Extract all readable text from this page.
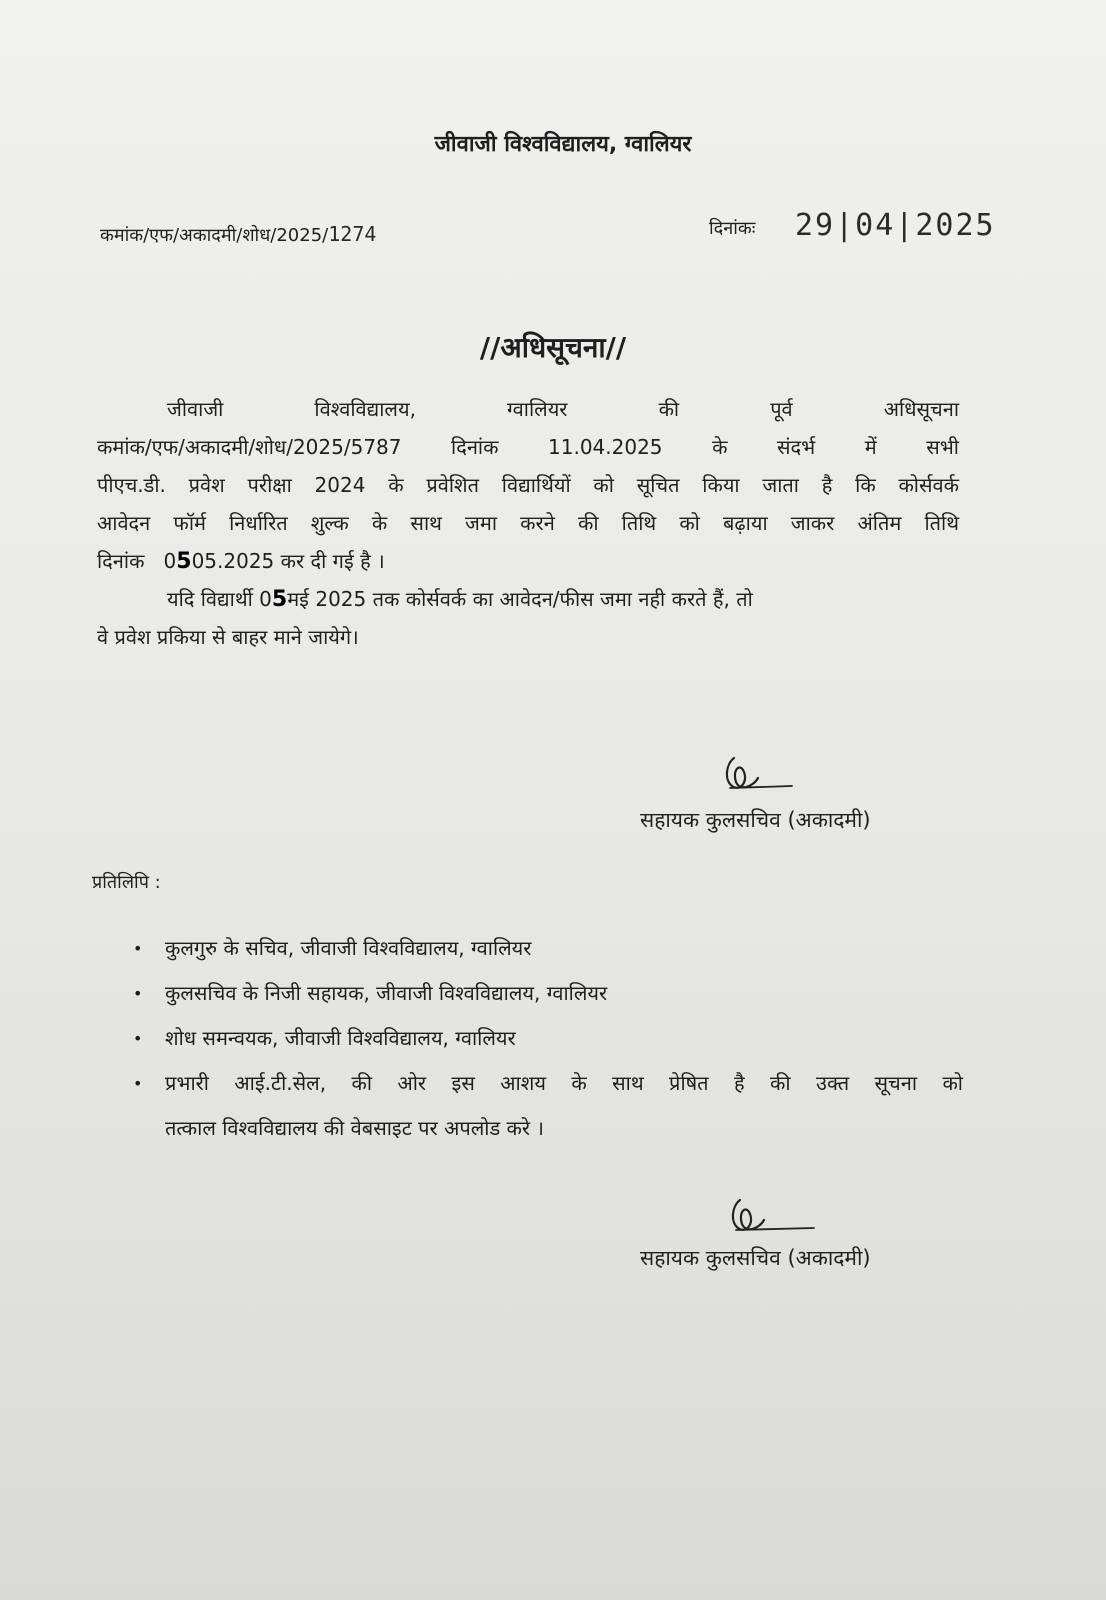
जीवाजी विश्वविद्यालय, ग्वालियर
कमांक/एफ/अकादमी/शोध/2025/1274	दिनांकः 29|04|2025
//अधिसूचना//
जीवाजी	विश्वविद्यालय,	ग्वालियर	की	पूर्व	अधिसूचना
कमांक/एफ/अकादमी/शोध/2025/5787 दिनांक 11.04.2025 के संदर्भ में सभी
पीएच.डी. प्रवेश परीक्षा 2024 के प्रवेशित विद्यार्थियों को सूचित किया जाता है कि कोर्सवर्क
आवेदन फॉर्म निर्धारित शुल्क के साथ जमा करने की तिथि को बढ़ाया जाकर अंतिम तिथि
दिनांक   0505.2025 कर दी गई है ।
यदि विद्यार्थी 05मई 2025 तक कोर्सवर्क का आवेदन/फीस जमा नही करते हैं, तो
वे प्रवेश प्रकिया से बाहर माने जायेगे।
सहायक कुलसचिव (अकादमी)
प्रतिलिपि :
• कुलगुरु के सचिव, जीवाजी विश्वविद्यालय, ग्वालियर
• कुलसचिव के निजी सहायक, जीवाजी विश्वविद्यालय, ग्वालियर
• शोध समन्वयक, जीवाजी विश्वविद्यालय, ग्वालियर
• प्रभारी आई.टी.सेल, की ओर इस आशय के साथ प्रेषित है की उक्त सूचना को
तत्काल विश्वविद्यालय की वेबसाइट पर अपलोड करे ।
सहायक कुलसचिव (अकादमी)
